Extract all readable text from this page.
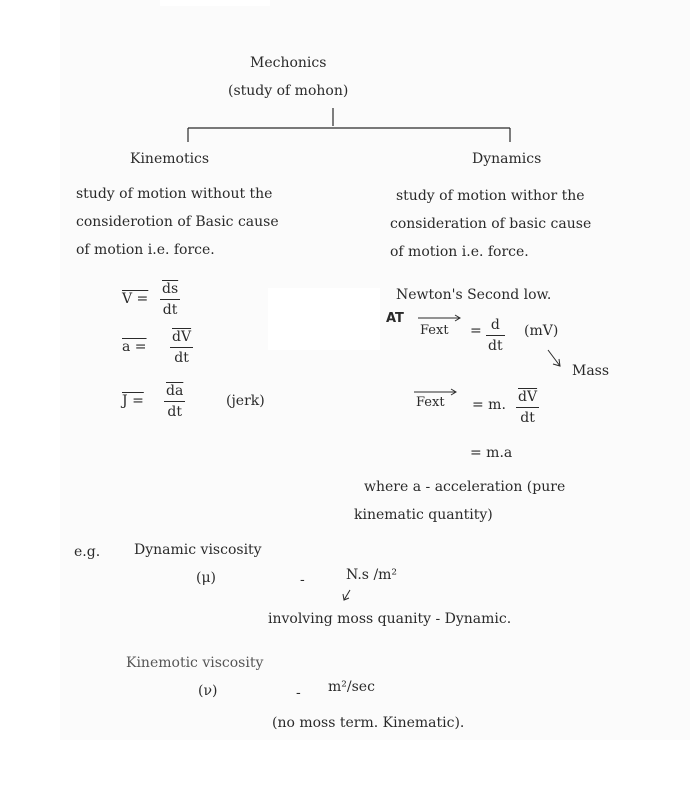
Mechonics
(study of mohon)
Kinemotics
study of motion without the
considerotion of Basic cause
of motion i.e. force.
V =
$\overline{ds}$
dt
a =
$\overline{dV}$
dt
J =
$\overline{da}$
dt
(jerk)
Dynamics
study of motion withor the
consideration of basic cause
of motion i.e. force.
Newton's Second low.
AT
Fext = d
dt
(mV)
Mass
Fext = m. $\overline{dV}$
dt
= m.a
where a - acceleration (pure
kinematic quantity)
e.g. Dynamic viscosity
(μ)	-	N.s /m²
involving moss quanity - Dynamic.
Kinemotic viscosity
(ν)	- m²/sec
(no moss term. Kinematic).
